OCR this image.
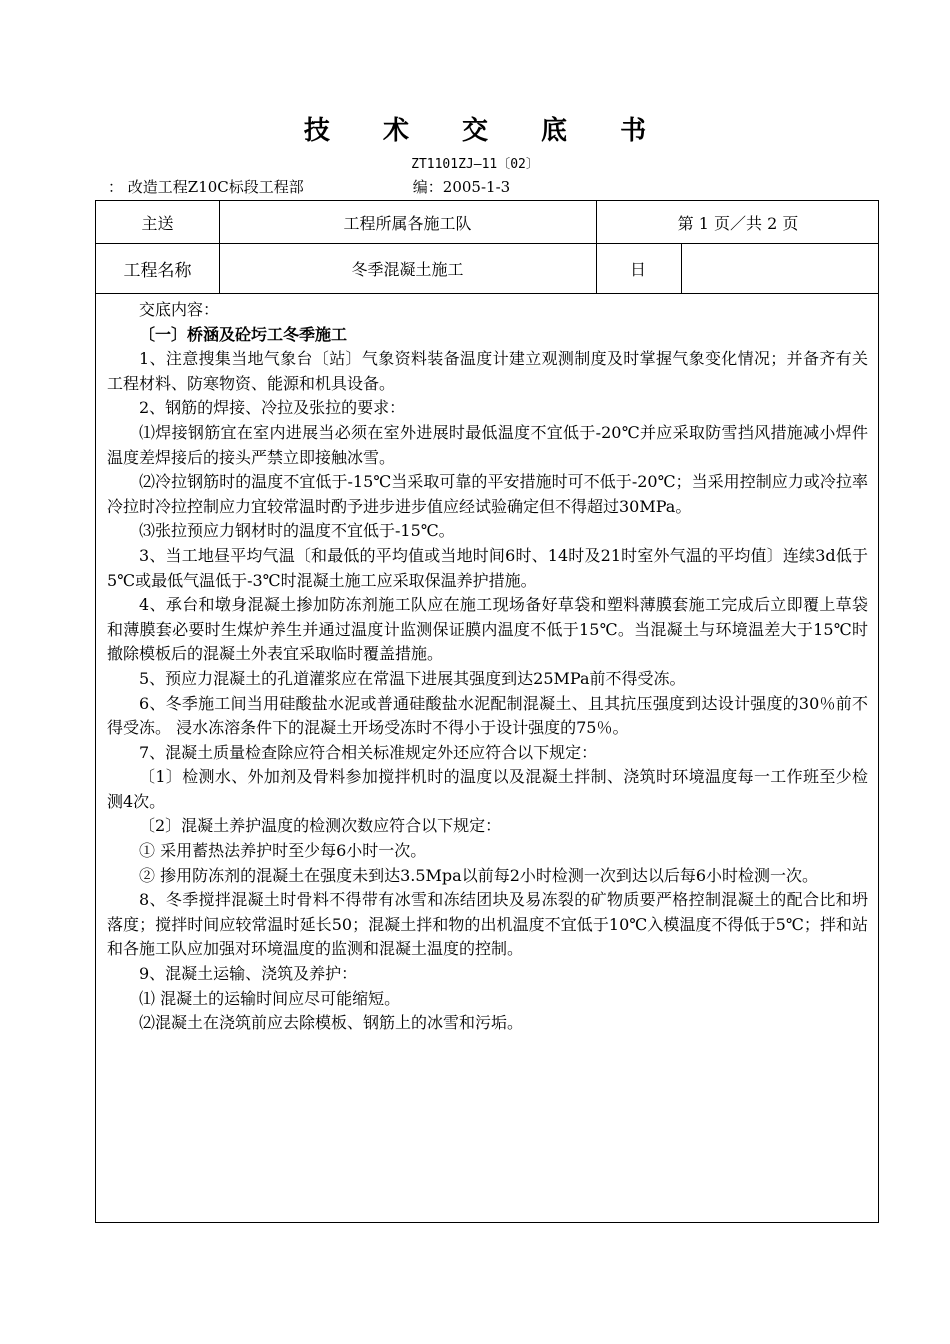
技 术 交 底 书
ZT1101ZJ—11〔02〕
： 改造工程Z10C标段工程部	编：2005-1-3
主送	工程所属各施工队	第 1 页／共 2 页
工程名称	冬季混凝土施工	日

交底内容：

〔一〕桥涵及砼圬工冬季施工

1、注意搜集当地气象台〔站〕气象资料装备温度计建立观测制度及时掌握气象变化情况；并备齐有关工程材料、防寒物资、能源和机具设备。

2、钢筋的焊接、冷拉及张拉的要求：

⑴焊接钢筋宜在室内进展当必须在室外进展时最低温度不宜低于-20℃并应采取防雪挡风措施减小焊件温度差焊接后的接头严禁立即接触冰雪。

⑵冷拉钢筋时的温度不宜低于-15℃当采取可靠的平安措施时可不低于-20℃；当采用控制应力或冷拉率冷拉时冷拉控制应力宜较常温时酌予进步进步值应经试验确定但不得超过30MPa。

⑶张拉预应力钢材时的温度不宜低于-15℃。

3、当工地昼平均气温〔和最低的平均值或当地时间6时、14时及21时室外气温的平均值〕连续3d低于5℃或最低气温低于-3℃时混凝土施工应采取保温养护措施。

4、承台和墩身混凝土掺加防冻剂施工队应在施工现场备好草袋和塑料薄膜套施工完成后立即覆上草袋和薄膜套必要时生煤炉养生并通过温度计监测保证膜内温度不低于15℃。当混凝土与环境温差大于15℃时撤除模板后的混凝土外表宜采取临时覆盖措施。

5、预应力混凝土的孔道灌浆应在常温下进展其强度到达25MPa前不得受冻。

6、冬季施工间当用硅酸盐水泥或普通硅酸盐水泥配制混凝土、且其抗压强度到达设计强度的30％前不得受冻。 浸水冻溶条件下的混凝土开场受冻时不得小于设计强度的75％。

7、混凝土质量检查除应符合相关标准规定外还应符合以下规定：

〔1〕检测水、外加剂及骨料参加搅拌机时的温度以及混凝土拌制、浇筑时环境温度每一工作班至少检测4次。

〔2〕混凝土养护温度的检测次数应符合以下规定：

① 采用蓄热法养护时至少每6小时一次。

② 掺用防冻剂的混凝土在强度未到达3.5Mpa以前每2小时检测一次到达以后每6小时检测一次。

8、冬季搅拌混凝土时骨料不得带有冰雪和冻结团块及易冻裂的矿物质要严格控制混凝土的配合比和坍落度；搅拌时间应较常温时延长50；混凝土拌和物的出机温度不宜低于10℃入模温度不得低于5℃；拌和站和各施工队应加强对环境温度的监测和混凝土温度的控制。

9、混凝土运输、浇筑及养护：

⑴ 混凝土的运输时间应尽可能缩短。

⑵混凝土在浇筑前应去除模板、钢筋上的冰雪和污垢。
